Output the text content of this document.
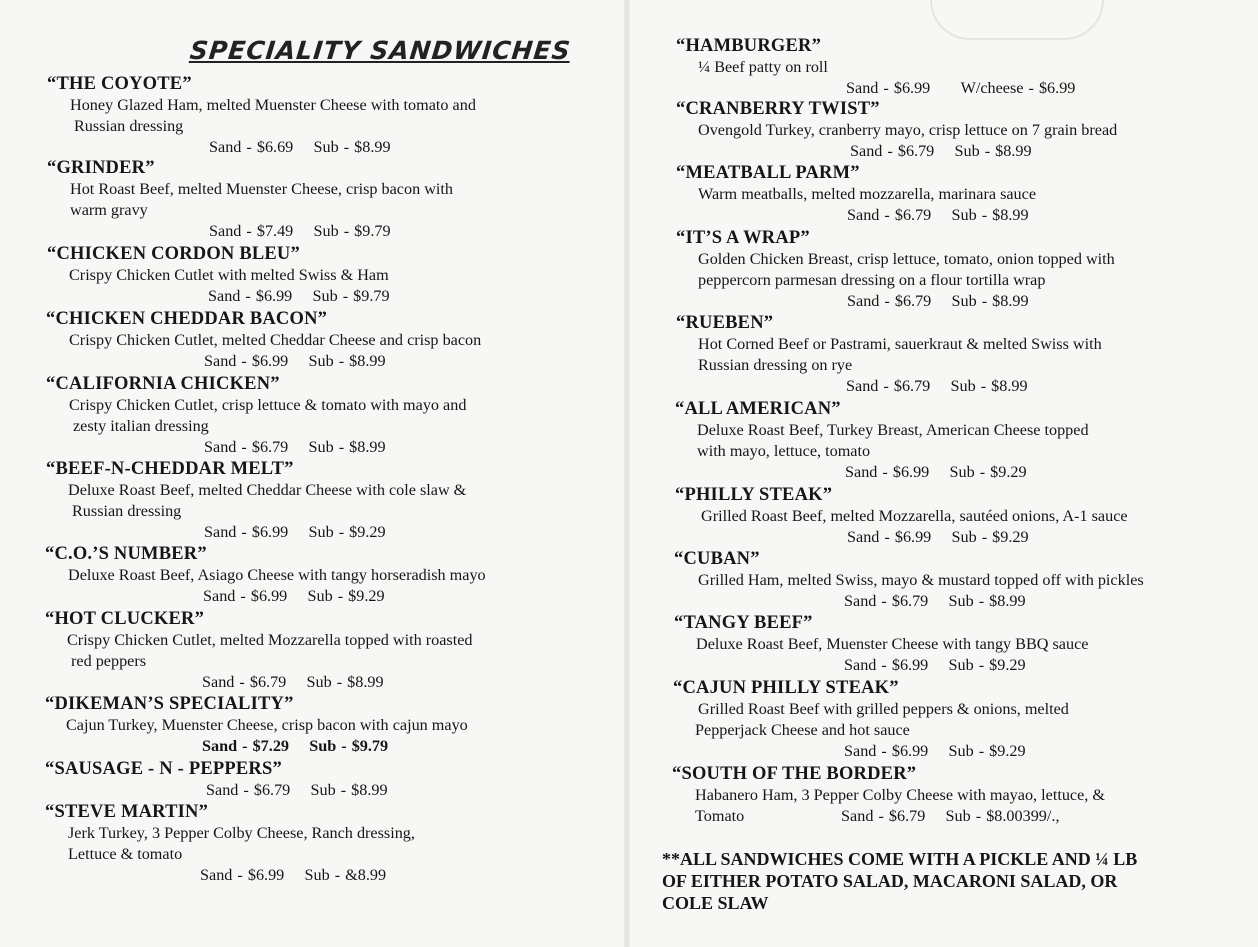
SPECIALITY SANDWICHES
“THE COYOTE”
Honey Glazed Ham, melted Muenster Cheese with tomato and
Russian dressing
Sand - $6.69 Sub - $8.99
“GRINDER”
Hot Roast Beef, melted Muenster Cheese, crisp bacon with
warm gravy
Sand - $7.49 Sub - $9.79
“CHICKEN CORDON BLEU”
Crispy Chicken Cutlet with melted Swiss & Ham
Sand - $6.99 Sub - $9.79
“CHICKEN CHEDDAR BACON”
Crispy Chicken Cutlet, melted Cheddar Cheese and crisp bacon
Sand - $6.99 Sub - $8.99
“CALIFORNIA CHICKEN”
Crispy Chicken Cutlet, crisp lettuce & tomato with mayo and
zesty italian dressing
Sand - $6.79 Sub - $8.99
“BEEF-N-CHEDDAR MELT”
Deluxe Roast Beef, melted Cheddar Cheese with cole slaw &
Russian dressing
Sand - $6.99 Sub - $9.29
“C.O.’S NUMBER”
Deluxe Roast Beef, Asiago Cheese with tangy horseradish mayo
Sand - $6.99 Sub - $9.29
“HOT CLUCKER”
Crispy Chicken Cutlet, melted Mozzarella topped with roasted
red peppers
Sand - $6.79 Sub - $8.99
“DIKEMAN’S SPECIALITY”
Cajun Turkey, Muenster Cheese, crisp bacon with cajun mayo
Sand - $7.29 Sub - $9.79
“SAUSAGE - N - PEPPERS”
Sand - $6.79 Sub - $8.99
“STEVE MARTIN”
Jerk Turkey, 3 Pepper Colby Cheese, Ranch dressing,
Lettuce & tomato
Sand - $6.99 Sub - &8.99
“HAMBURGER”
¼ Beef patty on roll
Sand - $6.99 W/cheese - $6.99
“CRANBERRY TWIST”
Ovengold Turkey, cranberry mayo, crisp lettuce on 7 grain bread
Sand - $6.79 Sub - $8.99
“MEATBALL PARM”
Warm meatballs, melted mozzarella, marinara sauce
Sand - $6.79 Sub - $8.99
“IT’S A WRAP”
Golden Chicken Breast, crisp lettuce, tomato, onion topped with
peppercorn parmesan dressing on a flour tortilla wrap
Sand - $6.79 Sub - $8.99
“RUEBEN”
Hot Corned Beef or Pastrami, sauerkraut & melted Swiss with
Russian dressing on rye
Sand - $6.79 Sub - $8.99
“ALL AMERICAN”
Deluxe Roast Beef, Turkey Breast, American Cheese topped
with mayo, lettuce, tomato
Sand - $6.99 Sub - $9.29
“PHILLY STEAK”
Grilled Roast Beef, melted Mozzarella, sautéed onions, A-1 sauce
Sand - $6.99 Sub - $9.29
“CUBAN”
Grilled Ham, melted Swiss, mayo & mustard topped off with pickles
Sand - $6.79 Sub - $8.99
“TANGY BEEF”
Deluxe Roast Beef, Muenster Cheese with tangy BBQ sauce
Sand - $6.99 Sub - $9.29
“CAJUN PHILLY STEAK”
Grilled Roast Beef with grilled peppers & onions, melted
Pepperjack Cheese and hot sauce
Sand - $6.99 Sub - $9.29
“SOUTH OF THE BORDER”
Habanero Ham, 3 Pepper Colby Cheese with mayao, lettuce, &
Tomato	Sand - $6.79 Sub - $8.00399/.,
**ALL SANDWICHES COME WITH A PICKLE AND ¼ LB
OF EITHER POTATO SALAD, MACARONI SALAD, OR
COLE SLAW
